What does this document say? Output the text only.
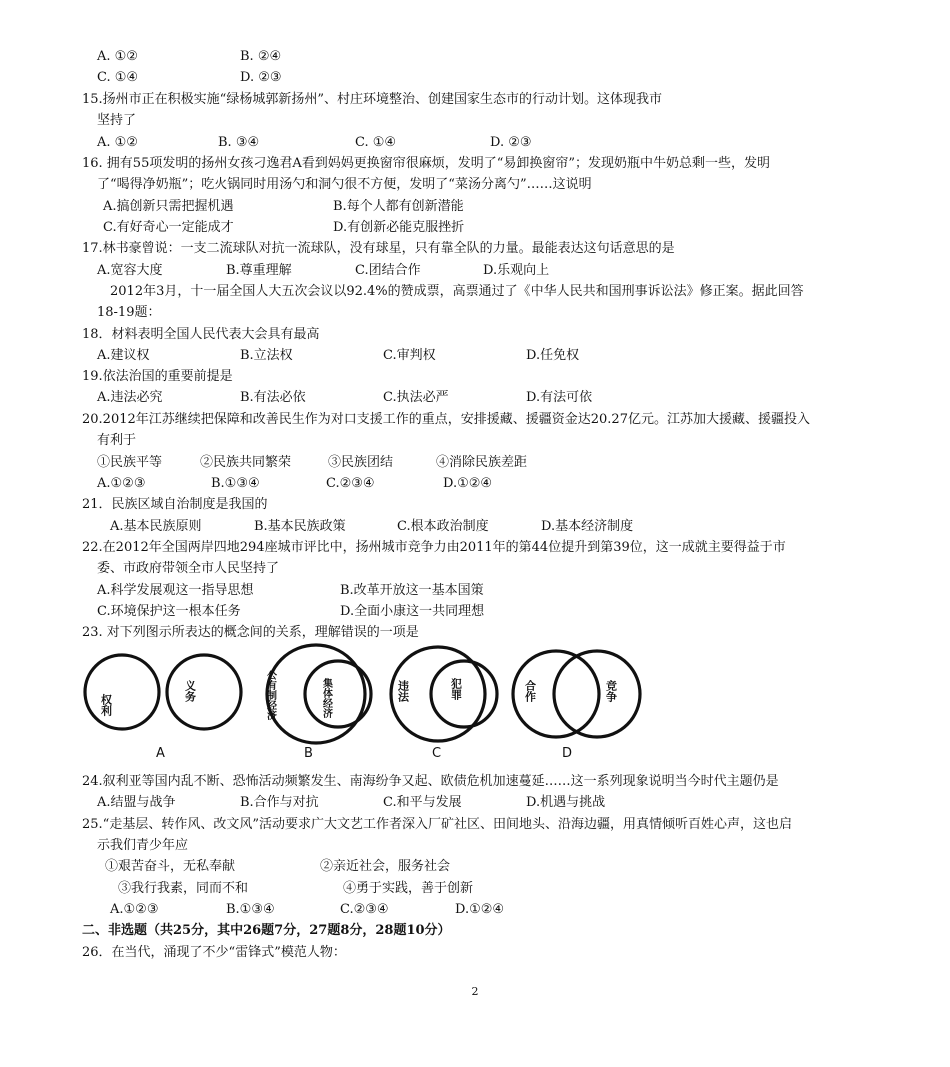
A. ①②	B. ②④
C. ①④	D. ②③
15.扬州市正在积极实施“绿杨城郭新扬州”、村庄环境整治、创建国家生态市的行动计划。这体现我市
坚持了
A. ①②	B. ③④	C. ①④	D. ②③
16. 拥有55项发明的扬州女孩刁逸君A看到妈妈更换窗帘很麻烦，发明了“易卸换窗帘”；发现奶瓶中牛奶总剩一些，发明
了“喝得净奶瓶”；吃火锅同时用汤勺和洞勺很不方便，发明了“菜汤分离勺”……这说明
A.搞创新只需把握机遇	B.每个人都有创新潜能
C.有好奇心一定能成才	D.有创新必能克服挫折
17.林书豪曾说：一支二流球队对抗一流球队，没有球星，只有靠全队的力量。最能表达这句话意思的是
A.宽容大度	B.尊重理解	C.团结合作	D.乐观向上
2012年3月，十一届全国人大五次会议以92.4%的赞成票，高票通过了《中华人民共和国刑事诉讼法》修正案。据此回答
18-19题：
18．材料表明全国人民代表大会具有最高
A.建议权	B.立法权	C.审判权	D.任免权
19.依法治国的重要前提是
A.违法必究	B.有法必依	C.执法必严	D.有法可依
20.2012年江苏继续把保障和改善民生作为对口支援工作的重点，安排援藏、援疆资金达20.27亿元。江苏加大援藏、援疆投入
有利于
①民族平等	②民族共同繁荣	③民族团结	④消除民族差距
A.①②③	B.①③④	C.②③④	D.①②④
21．民族区域自治制度是我国的
A.基本民族原则	B.基本民族政策	C.根本政治制度	D.基本经济制度
22.在2012年全国两岸四地294座城市评比中，扬州城市竞争力由2011年的第44位提升到第39位，这一成就主要得益于市
委、市政府带领全市人民坚持了
A.科学发展观这一指导思想	B.改革开放这一基本国策
C.环境保护这一根本任务	D.全面小康这一共同理想
23. 对下列图示所表达的概念间的关系，理解错误的一项是
权利
义务	公有制经济	集体经济	违法	犯罪	合作	竞争
A	B	C	D
24.叙利亚等国内乱不断、恐怖活动频繁发生、南海纷争又起、欧债危机加速蔓延……这一系列现象说明当今时代主题仍是
A.结盟与战争	B.合作与对抗	C.和平与发展	D.机遇与挑战
25.“走基层、转作风、改文风”活动要求广大文艺工作者深入厂矿社区、田间地头、沿海边疆，用真情倾听百姓心声，这也启
示我们青少年应
①艰苦奋斗，无私奉献	②亲近社会，服务社会
③我行我素，同而不和	④勇于实践，善于创新
A.①②③	B.①③④	C.②③④	D.①②④
二、非选题（共25分，其中26题7分，27题8分，28题10分）
26．在当代，涌现了不少“雷锋式”模范人物：
2
